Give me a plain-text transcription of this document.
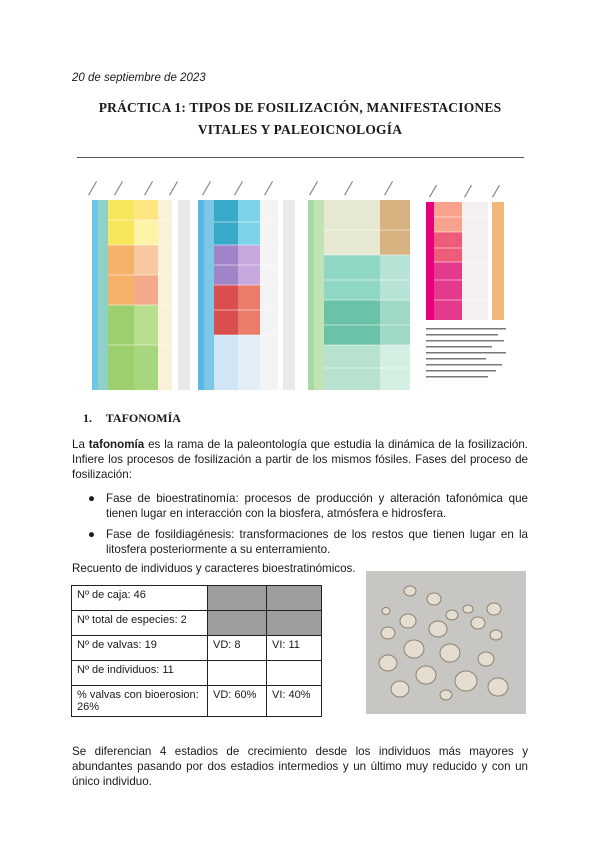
20 de septiembre de 2023
PRÁCTICA 1: TIPOS DE FOSILIZACIÓN, MANIFESTACIONES VITALES Y PALEOICNOLOGÍA
1. TAFONOMÍA
La tafonomía es la rama de la paleontología que estudia la dinámica de la fosilización. Infiere los procesos de fosilización a partir de los mismos fósiles. Fases del proceso de fosilización:
● Fase de bioestratinomía: procesos de producción y alteración tafonómica que tienen lugar en interacción con la biosfera, atmósfera e hidrosfera.
● Fase de fosildiagénesis: transformaciones de los restos que tienen lugar en la litosfera posteriormente a su enterramiento.
Recuento de individuos y caracteres bioestratinómicos.
Nº de caja: 46		
Nº total de especies: 2		
Nº de valvas: 19	VD: 8	VI: 11
Nº de individuos: 11		
% valvas con bioerosion: 26%	VD: 60%	VI: 40%
Se diferencian 4 estadios de crecimiento desde los individuos más mayores y abundantes pasando por dos estadios intermedios y un último muy reducido y con un único individuo.
